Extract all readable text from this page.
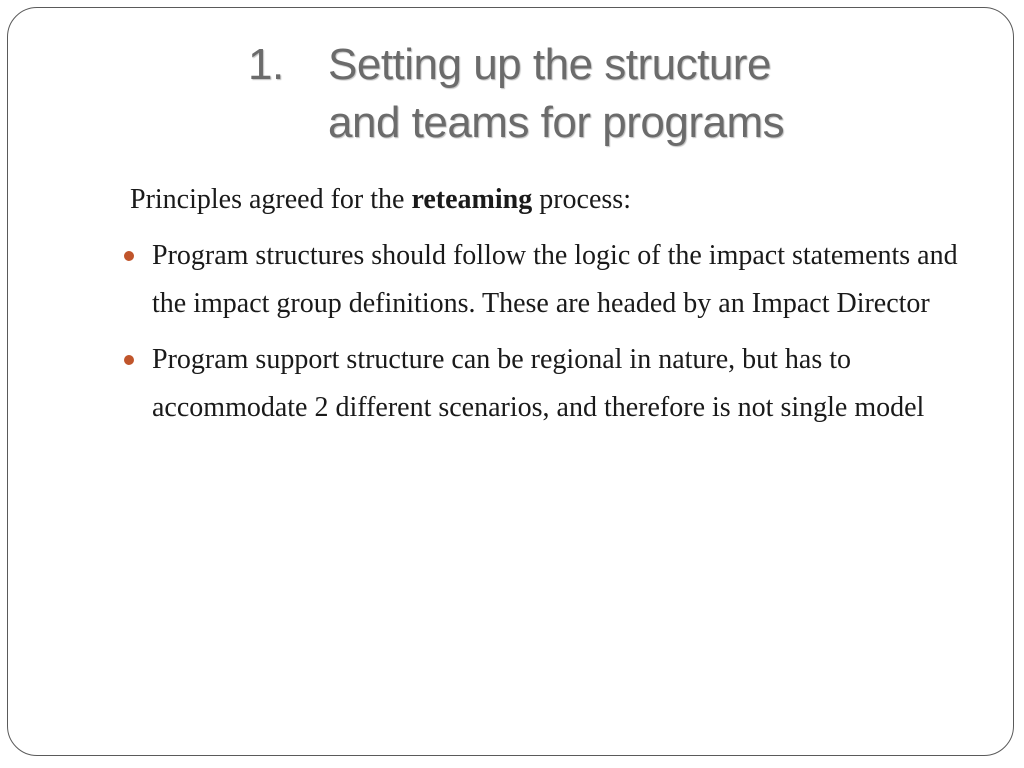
1. Setting up the structure
and teams for programs
Principles agreed for the reteaming process:
Program structures should follow the logic of the impact statements and the impact group definitions. These are headed by an Impact Director
Program support structure can be regional in nature, but has to accommodate 2 different scenarios, and therefore is not single model
